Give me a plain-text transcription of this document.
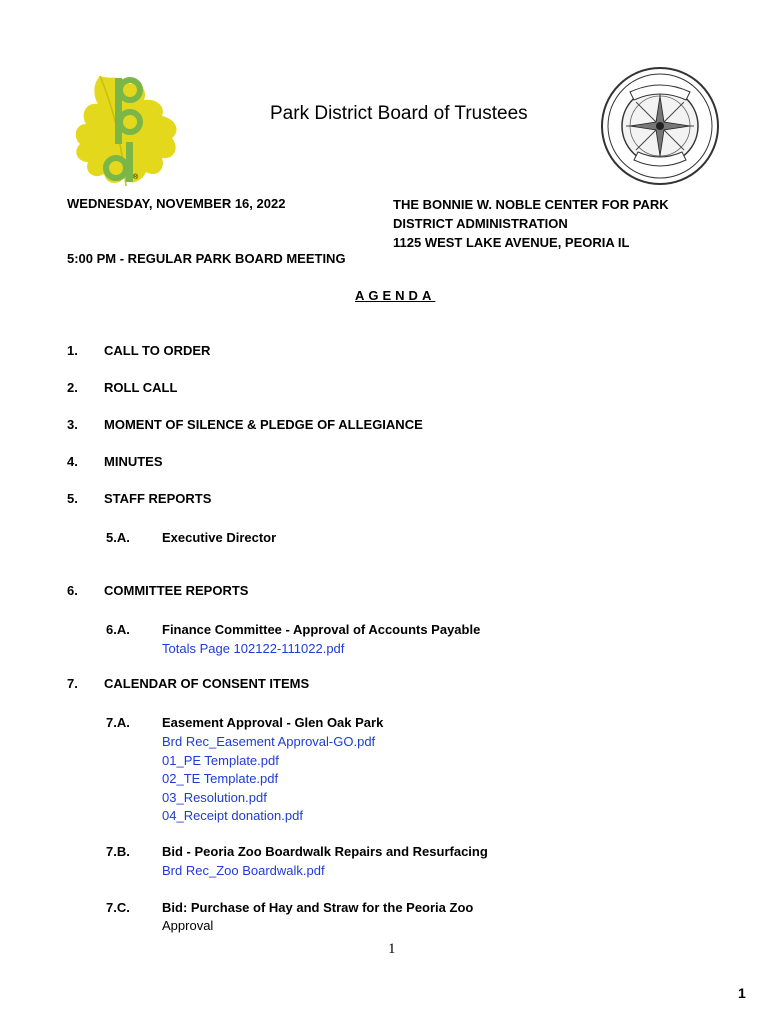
®
Park District Board of Trustees
WEDNESDAY, NOVEMBER 16, 2022	THE BONNIE W. NOBLE CENTER FOR PARK
DISTRICT ADMINISTRATION
1125 WEST LAKE AVENUE, PEORIA IL
5:00 PM - REGULAR PARK BOARD MEETING
AGENDA
1. CALL TO ORDER
2. ROLL CALL
3. MOMENT OF SILENCE & PLEDGE OF ALLEGIANCE
4. MINUTES
5. STAFF REPORTS
5.A. Executive Director
6. COMMITTEE REPORTS
6.A. Finance Committee - Approval of Accounts Payable
Totals Page 102122-111022.pdf
7. CALENDAR OF CONSENT ITEMS
7.A. Easement Approval - Glen Oak Park
Brd Rec_Easement Approval-GO.pdf
01_PE Template.pdf
02_TE Template.pdf
03_Resolution.pdf
04_Receipt donation.pdf
7.B. Bid - Peoria Zoo Boardwalk Repairs and Resurfacing
Brd Rec_Zoo Boardwalk.pdf
7.C. Bid: Purchase of Hay and Straw for the Peoria Zoo
Approval
1
1
